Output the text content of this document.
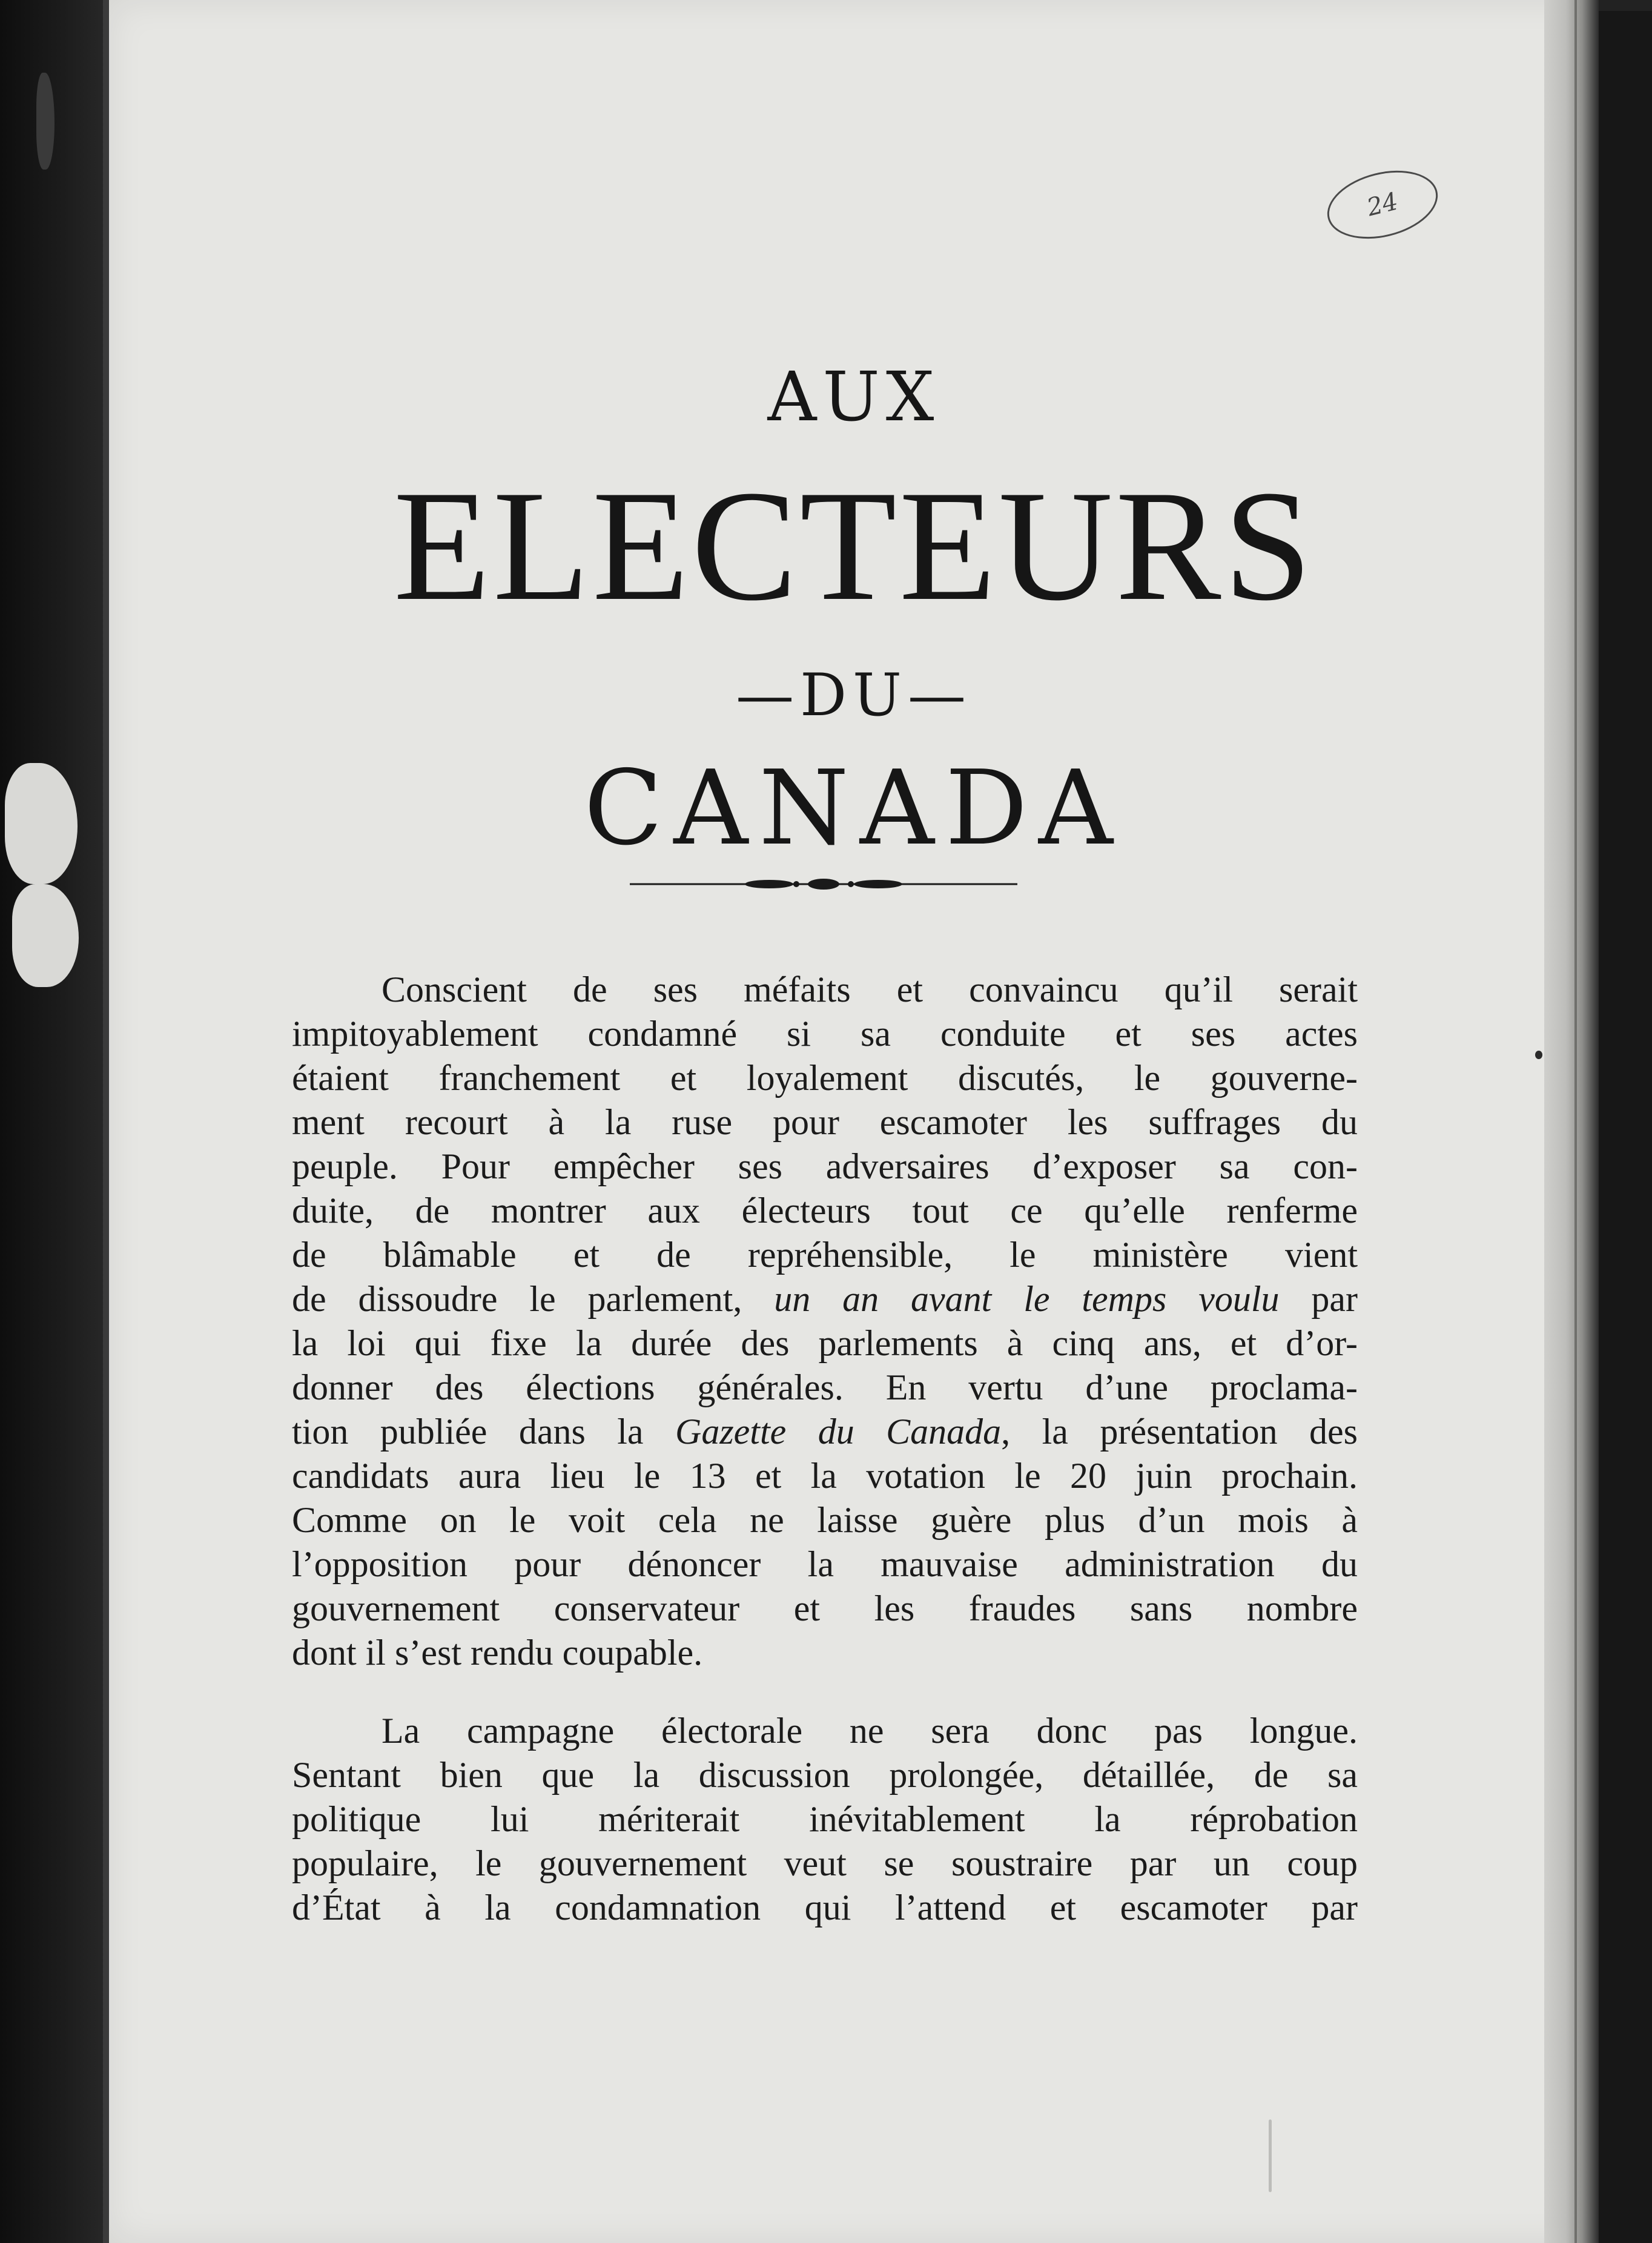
24
AUX
ELECTEURS
—DU—
CANADA
Conscient de ses méfaits et convaincu qu’il serait
impitoyablement condamné si sa conduite et ses actes
étaient franchement et loyalement discutés, le gouverne-
ment recourt à la ruse pour escamoter les suffrages du
peuple. Pour empêcher ses adversaires d’exposer sa con-
duite, de montrer aux électeurs tout ce qu’elle renferme
de blâmable et de repréhensible, le ministère vient
de dissoudre le parlement, un an avant le temps voulu par
la loi qui fixe la durée des parlements à cinq ans, et d’or-
donner des élections générales. En vertu d’une proclama-
tion publiée dans la Gazette du Canada, la présentation des
candidats aura lieu le 13 et la votation le 20 juin prochain.
Comme on le voit cela ne laisse guère plus d’un mois à
l’opposition pour dénoncer la mauvaise administration du
gouvernement conservateur et les fraudes sans nombre
dont il s’est rendu coupable.
La campagne électorale ne sera donc pas longue.
Sentant bien que la discussion prolongée, détaillée, de sa
politique lui mériterait inévitablement la réprobation
populaire, le gouvernement veut se soustraire par un coup
d’État à la condamnation qui l’attend et escamoter par
